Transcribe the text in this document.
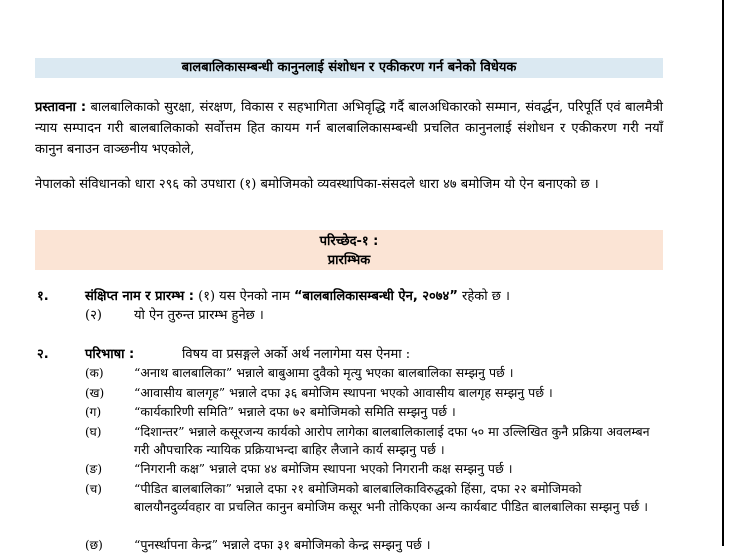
बालबालिकासम्बन्धी कानुनलाई संशोधन र एकीकरण गर्न बनेको विधेयक
प्रस्तावना : बालबालिकाको सुरक्षा, संरक्षण, विकास र सहभागिता अभिवृद्धि गर्दै बालअधिकारको सम्मान, संवर्द्धन, परिपूर्ति एवं बालमैत्री न्याय सम्पादन गरी बालबालिकाको सर्वोत्तम हित कायम गर्न बालबालिकासम्बन्धी प्रचलित कानुनलाई संशोधन र एकीकरण गरी नयाँ कानुन बनाउन वाञ्छनीय भएकोले,
नेपालको संविधानको धारा २९६ को उपधारा (१) बमोजिमको व्यवस्थापिका-संसदले धारा ४७ बमोजिम यो ऐन बनाएको छ ।
परिच्छेद-१ :
प्रारम्भिक
१.	संक्षिप्त नाम र प्रारम्भ : (१) यस ऐनको नाम “बालबालिकासम्बन्धी ऐन, २०७४” रहेको छ ।
(२) यो ऐन तुरुन्त प्रारम्भ हुनेछ ।
२.	परिभाषा :	विषय वा प्रसङ्गले अर्को अर्थ नलागेमा यस ऐनमा :
(क)	“अनाथ बालबालिका” भन्नाले बाबुआमा दुवैको मृत्यु भएका बालबालिका सम्झनु पर्छ ।
(ख)	“आवासीय बालगृह” भन्नाले दफा ३६ बमोजिम स्थापना भएको आवासीय बालगृह सम्झनु पर्छ ।
(ग)	“कार्यकारिणी समिति” भन्नाले दफा ७२ बमोजिमको समिति सम्झनु पर्छ ।
(घ)	“दिशान्तर” भन्नाले कसूरजन्य कार्यको आरोप लागेका बालबालिकालाई दफा ५० मा उल्लिखित कुनै प्रक्रिया अवलम्बन गरी औपचारिक न्यायिक प्रक्रियाभन्दा बाहिर लैजाने कार्य सम्झनु पर्छ ।
(ङ)	“निगरानी कक्ष” भन्नाले दफा ४४ बमोजिम स्थापना भएको निगरानी कक्ष सम्झनु पर्छ ।
(च)	“पीडित बालबालिका” भन्नाले दफा २१ बमोजिमको बालबालिकाविरुद्धको हिंसा, दफा २२ बमोजिमको बालयौनदुर्व्यवहार वा प्रचलित कानुन बमोजिम कसूर भनी तोकिएका अन्य कार्यबाट पीडित बालबालिका सम्झनु पर्छ ।
(छ)	“पुनर्स्थापना केन्द्र” भन्नाले दफा ३१ बमोजिमको केन्द्र सम्झनु पर्छ ।
